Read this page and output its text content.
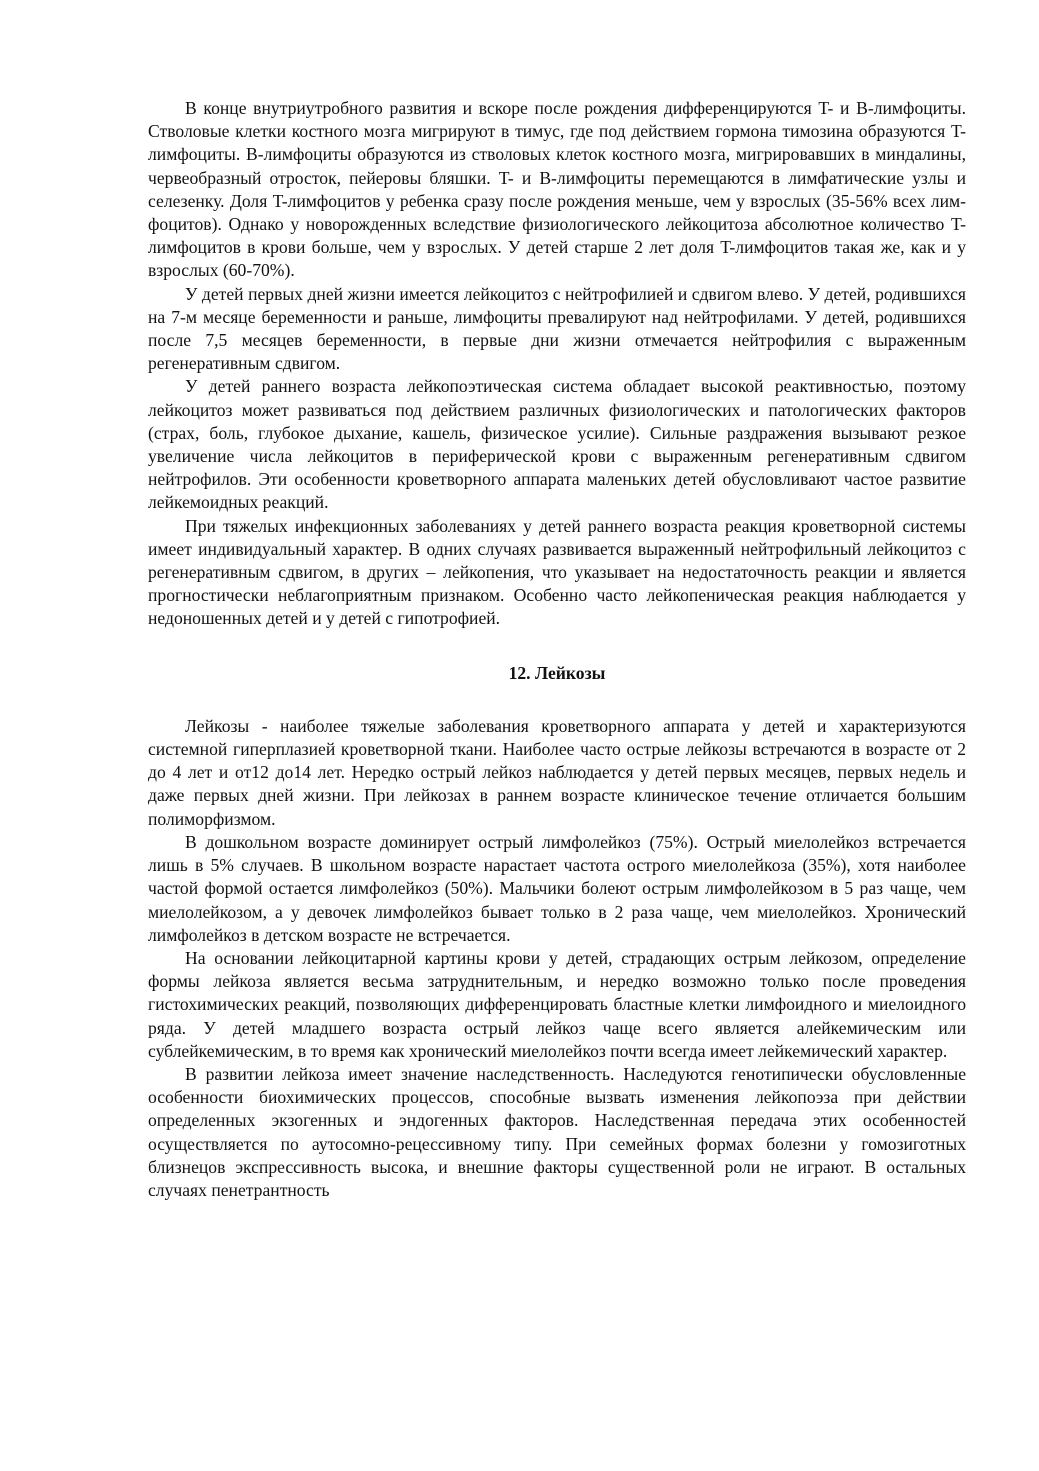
В конце внутриутробного развития и вскоре после рождения дифференцируются T- и B-лимфоциты. Стволовые клетки костного мозга мигрируют в тимус, где под действием гормона тимозина образуются T-лимфоциты. B-лимфоциты образуются из стволовых клеток костного мозга, мигрировавших в миндалины, червеобразный отросток, пейеровы бляшки. T- и B-лимфоциты перемещаются в лимфатические узлы и селезенку. Доля T-лимфоцитов у ребенка сразу после рождения меньше, чем у взрослых (35-56% всех лимфоцитов). Однако у новорожденных вследствие физиологического лейкоцитоза абсолютное количество T-лимфоцитов в крови больше, чем у взрослых. У детей старше 2 лет доля T-лимфоцитов такая же, как и у взрослых (60-70%).

У детей первых дней жизни имеется лейкоцитоз с нейтрофилией и сдвигом влево. У детей, родившихся на 7-м месяце беременности и раньше, лимфоциты превалируют над нейтрофилами. У детей, родившихся после 7,5 месяцев беременности, в первые дни жизни отмечается нейтрофилия с выраженным регенеративным сдвигом.

У детей раннего возраста лейкопоэтическая система обладает высокой реактивностью, поэтому лейкоцитоз может развиваться под действием различных физиологических и патологических факторов (страх, боль, глубокое дыхание, кашель, физическое усилие). Сильные раздражения вызывают резкое увеличение числа лейкоцитов в периферической крови с выраженным регенеративным сдвигом нейтрофилов. Эти особенности кроветворного аппарата маленьких детей обусловливают частое развитие лейкемоидных реакций.

При тяжелых инфекционных заболеваниях у детей раннего возраста реакция кроветворной системы имеет индивидуальный характер. В одних случаях развивается выраженный нейтрофильный лейкоцитоз с регенеративным сдвигом, в других – лейкопения, что указывает на недостаточность реакции и является прогностически неблагоприятным признаком. Особенно часто лейкопеническая реакция наблюдается у недоношенных детей и у детей с гипотрофией.

12. Лейкозы

Лейкозы - наиболее тяжелые заболевания кроветворного аппарата у детей и характеризуются системной гиперплазией кроветворной ткани. Наиболее часто острые лейкозы встречаются в возрасте от 2 до 4 лет и от12 до14 лет. Нередко острый лейкоз наблюдается у детей первых месяцев, первых недель и даже первых дней жизни. При лейкозах в раннем возрасте клиническое течение отличается большим полиморфизмом.

В дошкольном возрасте доминирует острый лимфолейкоз (75%). Острый миелолейкоз встречается лишь в 5% случаев. В школьном возрасте нарастает частота острого миелолейкоза (35%), хотя наиболее частой формой остается лимфолейкоз (50%). Мальчики болеют острым лимфолейкозом в 5 раз чаще, чем миелолейкозом, а у девочек лимфолейкоз бывает только в 2 раза чаще, чем миелолейкоз. Хронический лимфолейкоз в детском возрасте не встречается.

На основании лейкоцитарной картины крови у детей, страдающих острым лейкозом, определение формы лейкоза является весьма затруднительным, и нередко возможно только после проведения гистохимических реакций, позволяющих дифференцировать бластные клетки лимфоидного и миелоидного ряда. У детей младшего возраста острый лейкоз чаще всего является алейкемическим или сублейкемическим, в то время как хронический миелолейкоз почти всегда имеет лейкемический характер.

В развитии лейкоза имеет значение наследственность. Наследуются генотипически обусловленные особенности биохимических процессов, способные вызвать изменения лейкопоэза при действии определенных экзогенных и эндогенных факторов. Наследственная передача этих особенностей осуществляется по аутосомно-рецессивному типу. При семейных формах болезни у гомозиготных близнецов экспрессивность высока, и внешние факторы существенной роли не играют. В остальных случаях пенетрантность
